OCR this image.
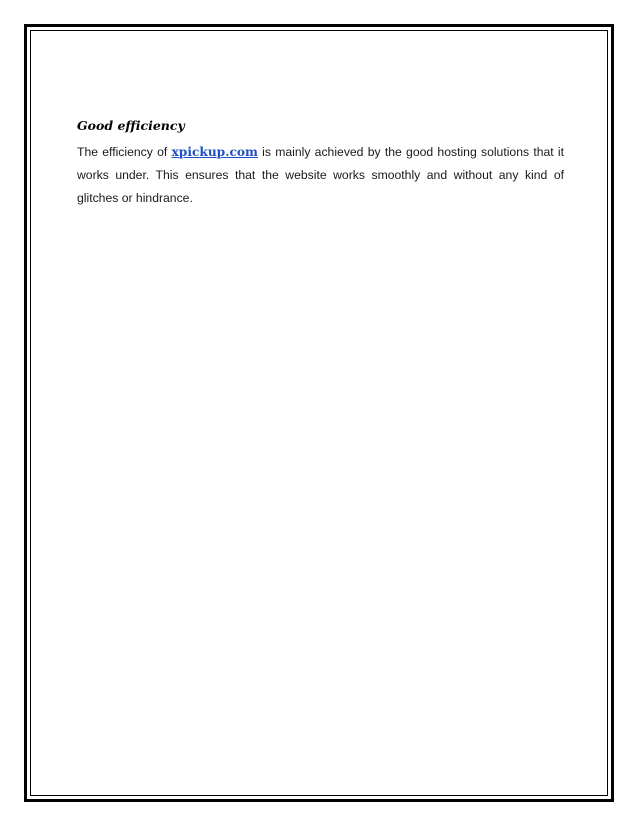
Good efficiency

The efficiency of xpickup.com is mainly achieved by the good hosting solutions that it works under. This ensures that the website works smoothly and without any kind of glitches or hindrance.
